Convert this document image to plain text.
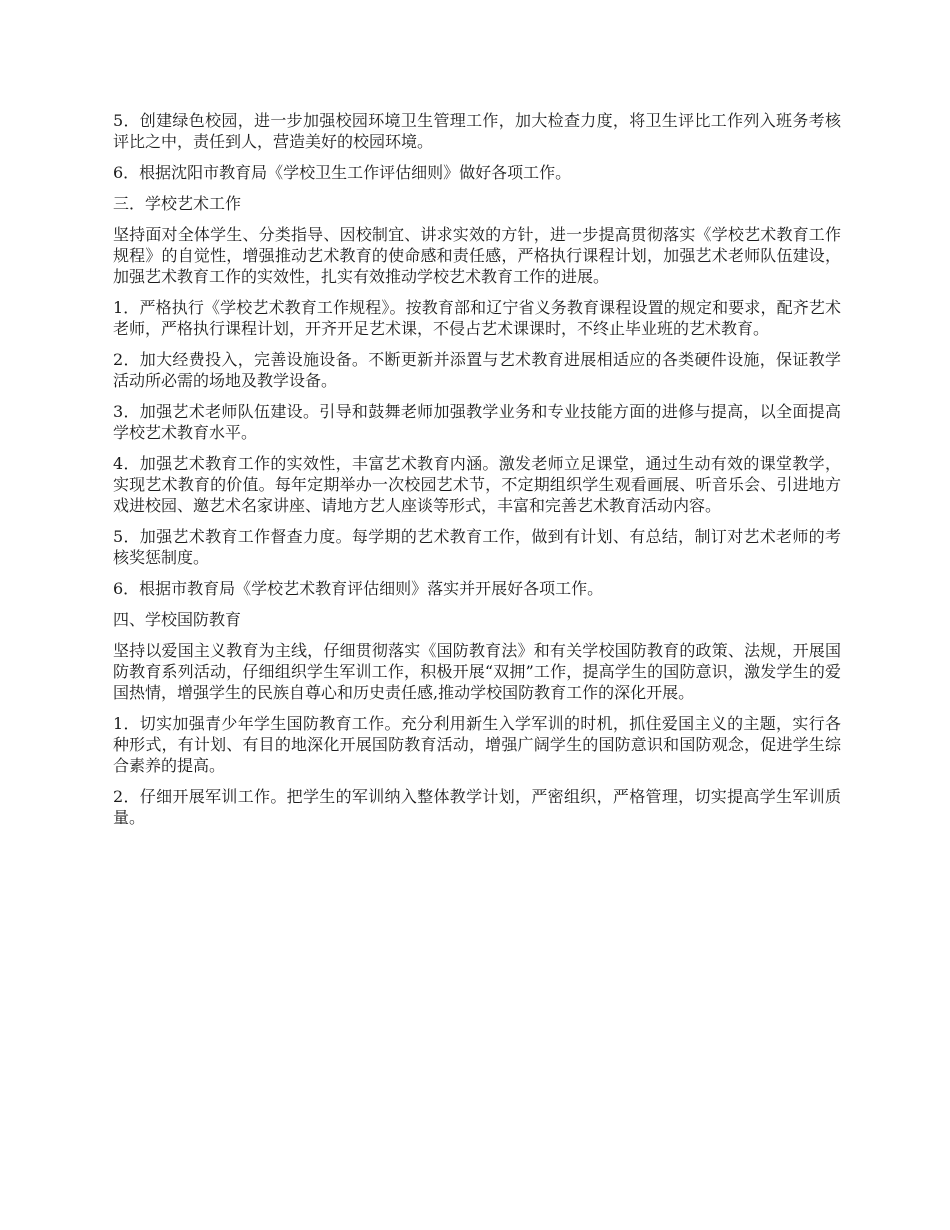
5．创建绿色校园，进一步加强校园环境卫生管理工作，加大检查力度，将卫生评比工作列入班务考核评比之中，责任到人，营造美好的校园环境。

6．根据沈阳市教育局《学校卫生工作评估细则》做好各项工作。

三．学校艺术工作

坚持面对全体学生、分类指导、因校制宜、讲求实效的方针，进一步提高贯彻落实《学校艺术教育工作规程》的自觉性，增强推动艺术教育的使命感和责任感，严格执行课程计划，加强艺术老师队伍建设，加强艺术教育工作的实效性，扎实有效推动学校艺术教育工作的进展。

1．严格执行《学校艺术教育工作规程》。按教育部和辽宁省义务教育课程设置的规定和要求，配齐艺术老师，严格执行课程计划，开齐开足艺术课，不侵占艺术课课时，不终止毕业班的艺术教育。

2．加大经费投入，完善设施设备。不断更新并添置与艺术教育进展相适应的各类硬件设施，保证教学活动所必需的场地及教学设备。

3．加强艺术老师队伍建设。引导和鼓舞老师加强教学业务和专业技能方面的进修与提高，以全面提高学校艺术教育水平。

4．加强艺术教育工作的实效性，丰富艺术教育内涵。激发老师立足课堂，通过生动有效的课堂教学，实现艺术教育的价值。每年定期举办一次校园艺术节，不定期组织学生观看画展、听音乐会、引进地方戏进校园、邀艺术名家讲座、请地方艺人座谈等形式，丰富和完善艺术教育活动内容。

5．加强艺术教育工作督查力度。每学期的艺术教育工作，做到有计划、有总结，制订对艺术老师的考核奖惩制度。

6．根据市教育局《学校艺术教育评估细则》落实并开展好各项工作。

四、学校国防教育

坚持以爱国主义教育为主线，仔细贯彻落实《国防教育法》和有关学校国防教育的政策、法规，开展国防教育系列活动，仔细组织学生军训工作，积极开展“双拥”工作，提高学生的国防意识，激发学生的爱国热情，增强学生的民族自尊心和历史责任感,推动学校国防教育工作的深化开展。

1．切实加强青少年学生国防教育工作。充分利用新生入学军训的时机，抓住爱国主义的主题，实行各种形式，有计划、有目的地深化开展国防教育活动，增强广阔学生的国防意识和国防观念，促进学生综合素养的提高。

2．仔细开展军训工作。把学生的军训纳入整体教学计划，严密组织，严格管理，切实提高学生军训质量。
